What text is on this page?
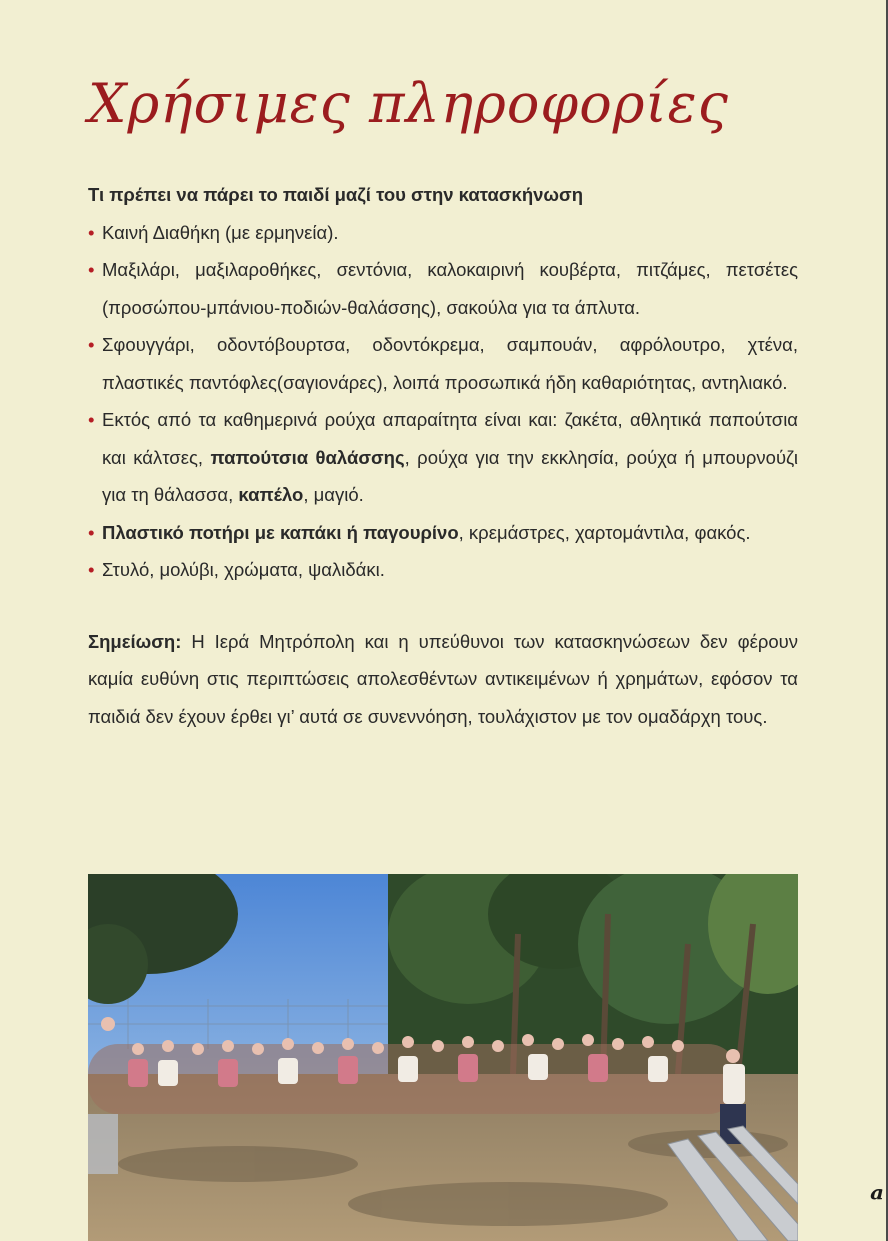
Χρήσιμες πληροφορίες

Τι πρέπει να πάρει το παιδί μαζί του στην κατασκήνωση

• Καινή Διαθήκη (με ερμηνεία).
• Μαξιλάρι, μαξιλαροθήκες, σεντόνια, καλοκαιρινή κουβέρτα, πιτζάμες, πετσέτες (προσώπου-μπάνιου-ποδιών-θαλάσσης), σακούλα για τα άπλυτα.
• Σφουγγάρι, οδοντόβουρτσα, οδοντόκρεμα, σαμπουάν, αφρόλουτρο, χτένα, πλαστικές παντόφλες(σαγιονάρες), λοιπά προσωπικά ήδη καθαριότητας, αντηλιακό.
• Εκτός από τα καθημερινά ρούχα απαραίτητα είναι και: ζακέτα, αθλητικά παπούτσια και κάλτσες, παπούτσια θαλάσσης, ρούχα για την εκκλησία, ρούχα ή μπουρνούζι για τη θάλασσα, καπέλο, μαγιό.
• Πλαστικό ποτήρι με καπάκι ή παγουρίνο, κρεμάστρες, χαρτομάντιλα, φακός.
• Στυλό, μολύβι, χρώματα, ψαλιδάκι.

Σημείωση: Η Ιερά Μητρόπολη και η υπεύθυνοι των κατασκηνώσεων δεν φέρουν καμία ευθύνη στις περιπτώσεις απολεσθέντων αντικειμένων ή χρημάτων, εφόσον τα παιδιά δεν έχουν έρθει γι’ αυτά σε συνεννόηση, τουλάχιστον με τον ομαδάρχη τους.

ₐ
